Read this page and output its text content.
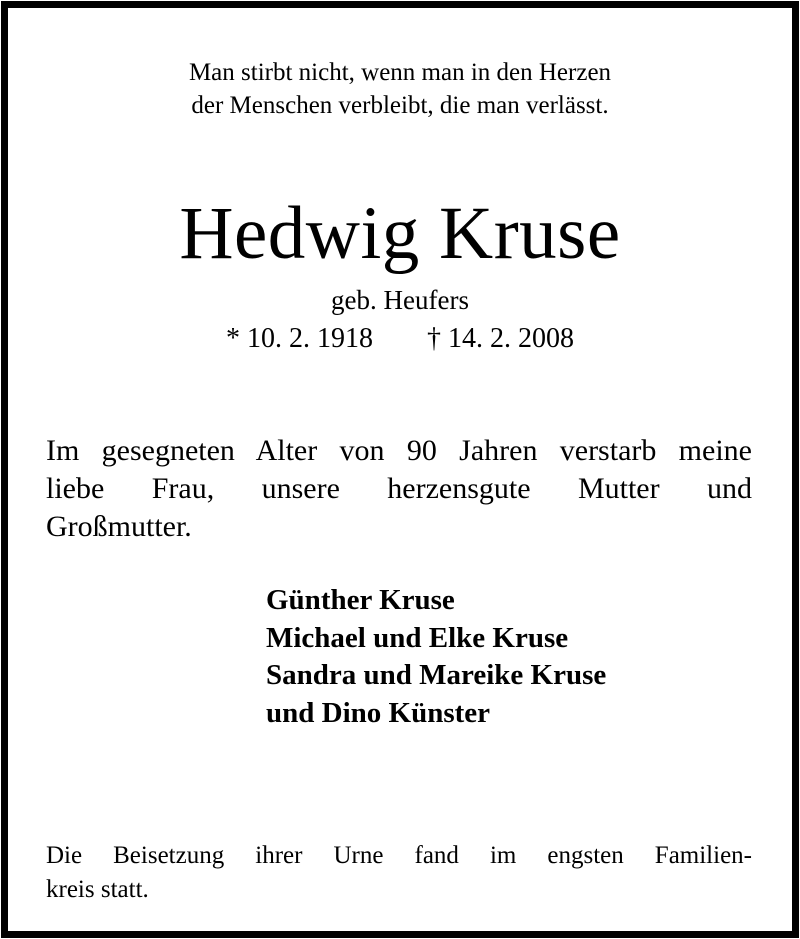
Man stirbt nicht, wenn man in den Herzen
der Menschen verbleibt, die man verlässt.
Hedwig Kruse
geb. Heufers
* 10. 2. 1918 † 14. 2. 2008
Im gesegneten Alter von 90 Jahren verstarb meine
liebe Frau, unsere herzensgute Mutter und
Großmutter.
Günther Kruse
Michael und Elke Kruse
Sandra und Mareike Kruse
und Dino Künster
Die Beisetzung ihrer Urne fand im engsten Familien-
kreis statt.
